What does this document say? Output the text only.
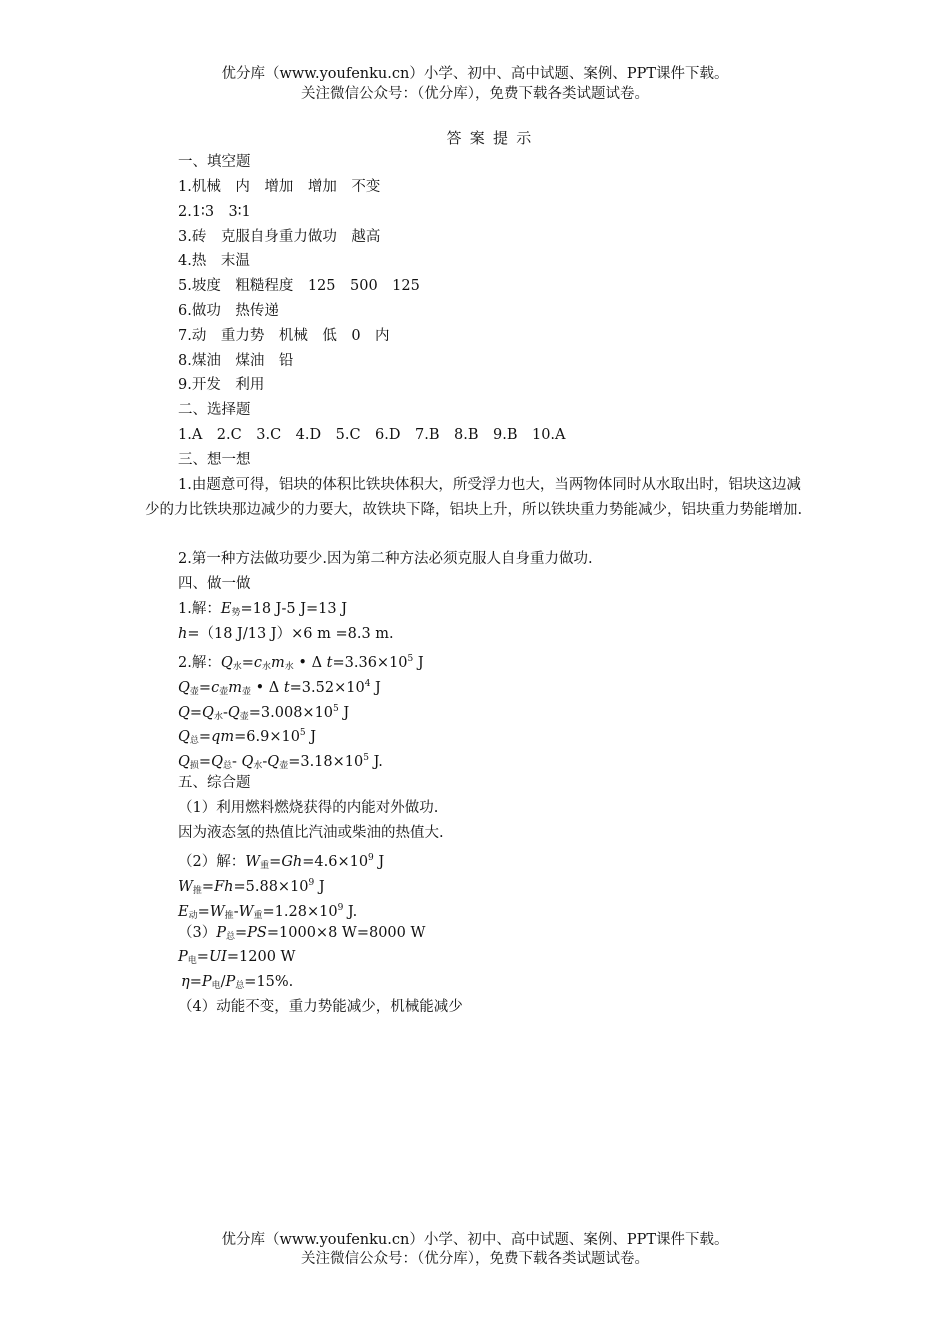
优分库（www.youfenku.cn）小学、初中、高中试题、案例、PPT课件下载。
关注微信公众号：（优分库），免费下载各类试题试卷。
答案提示
一、填空题
1.机械　内　增加　增加　不变
2.1∶3　3∶1
3.砖　克服自身重力做功　越高
4.热　末温
5.坡度　粗糙程度　125　500　125
6.做功　热传递
7.动　重力势　机械　低　0　内
8.煤油　煤油　铅
9.开发　利用
二、选择题
1.A　2.C　3.C　4.D　5.C　6.D　7.B　8.B　9.B　10.A
三、想一想
1.由题意可得，铝块的体积比铁块体积大，所受浮力也大，当两物体同时从水取出时，铝块这边减少的力比铁块那边减少的力要大，故铁块下降，铝块上升，所以铁块重力势能减少，铝块重力势能增加.
2.第一种方法做功要少.因为第二种方法必须克服人自身重力做功.
四、做一做
1.解：$E_势=18$ J-5 J=13 J
h=（18 J/13 J）×6 m =8.3 m.
2.解：$Q_水=c_水m_水$ • Δ $t=3.36\times 10^5$ J
$Q_壶=c_壶m_壶$ • Δ $t=3.52\times 10^4$ J
$Q=Q_水-Q_壶=3.008\times 10^5$ J
$Q_总=qm=6.9\times 10^5$ J
$Q_损=Q_总-$ $Q_水-Q_壶=3.18\times 10^5$ J.
五、综合题
（1）利用燃料燃烧获得的内能对外做功.
因为液态氢的热值比汽油或柴油的热值大.
（2）解：$W_重=Gh=4.6\times 10^9$ J
$W_推=Fh=5.88\times 10^9$ J
$E_动=W_推-W_重=1.28\times 10^9$ J.
$(3)P_总=PS=1000\times 8$ W=8000 W
$P_电=UI=1200$ W
$\eta=P_电/P_总=15\%$.
（4）动能不变，重力势能减少，机械能减少
优分库（www.youfenku.cn）小学、初中、高中试题、案例、PPT课件下载。
关注微信公众号：（优分库），免费下载各类试题试卷。
